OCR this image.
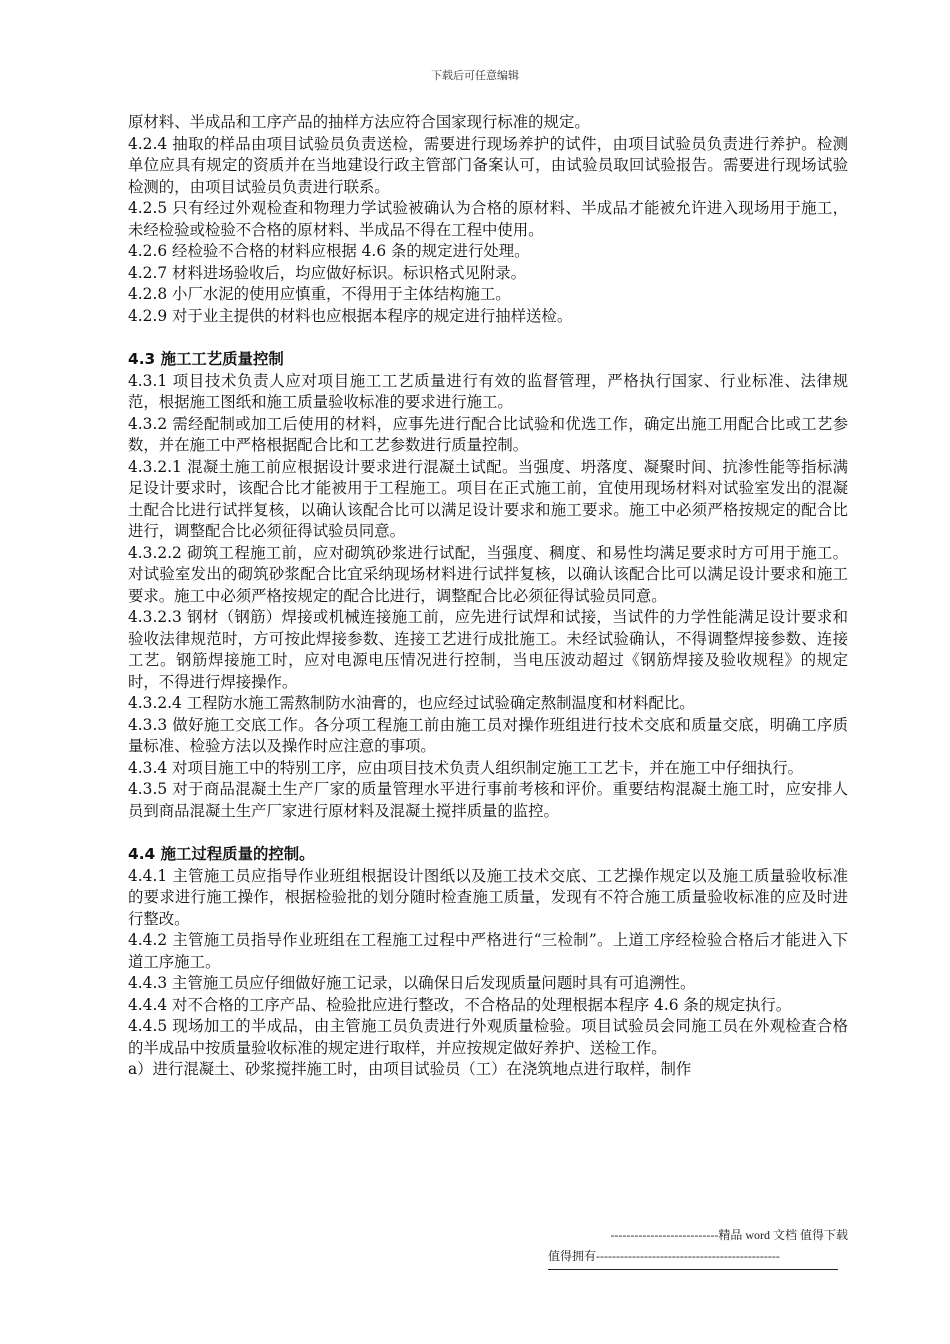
下载后可任意编辑

原材料、半成品和工序产品的抽样方法应符合国家现行标准的规定。

4.2.4 抽取的样品由项目试验员负责送检，需要进行现场养护的试件，由项目试验员负责进行养护。检测单位应具有规定的资质并在当地建设行政主管部门备案认可，由试验员取回试验报告。需要进行现场试验检测的，由项目试验员负责进行联系。

4.2.5 只有经过外观检查和物理力学试验被确认为合格的原材料、半成品才能被允许进入现场用于施工，未经检验或检验不合格的原材料、半成品不得在工程中使用。

4.2.6 经检验不合格的材料应根据 4.6 条的规定进行处理。

4.2.7 材料进场验收后，均应做好标识。标识格式见附录。

4.2.8 小厂水泥的使用应慎重，不得用于主体结构施工。

4.2.9 对于业主提供的材料也应根据本程序的规定进行抽样送检。

4.3 施工工艺质量控制

4.3.1 项目技术负责人应对项目施工工艺质量进行有效的监督管理，严格执行国家、行业标准、法律规范，根据施工图纸和施工质量验收标准的要求进行施工。

4.3.2 需经配制或加工后使用的材料，应事先进行配合比试验和优选工作，确定出施工用配合比或工艺参数，并在施工中严格根据配合比和工艺参数进行质量控制。

4.3.2.1 混凝土施工前应根据设计要求进行混凝土试配。当强度、坍落度、凝聚时间、抗渗性能等指标满足设计要求时，该配合比才能被用于工程施工。项目在正式施工前，宜使用现场材料对试验室发出的混凝土配合比进行试拌复核，以确认该配合比可以满足设计要求和施工要求。施工中必须严格按规定的配合比进行，调整配合比必须征得试验员同意。

4.3.2.2 砌筑工程施工前，应对砌筑砂浆进行试配，当强度、稠度、和易性均满足要求时方可用于施工。对试验室发出的砌筑砂浆配合比宜采纳现场材料进行试拌复核，以确认该配合比可以满足设计要求和施工要求。施工中必须严格按规定的配合比进行，调整配合比必须征得试验员同意。

4.3.2.3 钢材（钢筋）焊接或机械连接施工前，应先进行试焊和试接，当试件的力学性能满足设计要求和验收法律规范时，方可按此焊接参数、连接工艺进行成批施工。未经试验确认，不得调整焊接参数、连接工艺。钢筋焊接施工时，应对电源电压情况进行控制，当电压波动超过《钢筋焊接及验收规程》的规定时，不得进行焊接操作。

4.3.2.4 工程防水施工需熬制防水油膏的，也应经过试验确定熬制温度和材料配比。

4.3.3 做好施工交底工作。各分项工程施工前由施工员对操作班组进行技术交底和质量交底，明确工序质量标准、检验方法以及操作时应注意的事项。

4.3.4 对项目施工中的特别工序，应由项目技术负责人组织制定施工工艺卡，并在施工中仔细执行。

4.3.5 对于商品混凝土生产厂家的质量管理水平进行事前考核和评价。重要结构混凝土施工时，应安排人员到商品混凝土生产厂家进行原材料及混凝土搅拌质量的监控。

4.4 施工过程质量的控制。

4.4.1 主管施工员应指导作业班组根据设计图纸以及施工技术交底、工艺操作规定以及施工质量验收标准的要求进行施工操作，根据检验批的划分随时检查施工质量，发现有不符合施工质量验收标准的应及时进行整改。

4.4.2 主管施工员指导作业班组在工程施工过程中严格进行“三检制”。上道工序经检验合格后才能进入下道工序施工。

4.4.3 主管施工员应仔细做好施工记录，以确保日后发现质量问题时具有可追溯性。

4.4.4 对不合格的工序产品、检验批应进行整改，不合格品的处理根据本程序 4.6 条的规定执行。

4.4.5 现场加工的半成品，由主管施工员负责进行外观质量检验。项目试验员会同施工员在外观检查合格的半成品中按质量验收标准的规定进行取样，并应按规定做好养护、送检工作。

a）进行混凝土、砂浆搅拌施工时，由项目试验员（工）在浇筑地点进行取样，制作

---------------------------精品 word 文档 值得下载
值得拥有----------------------------------------------
